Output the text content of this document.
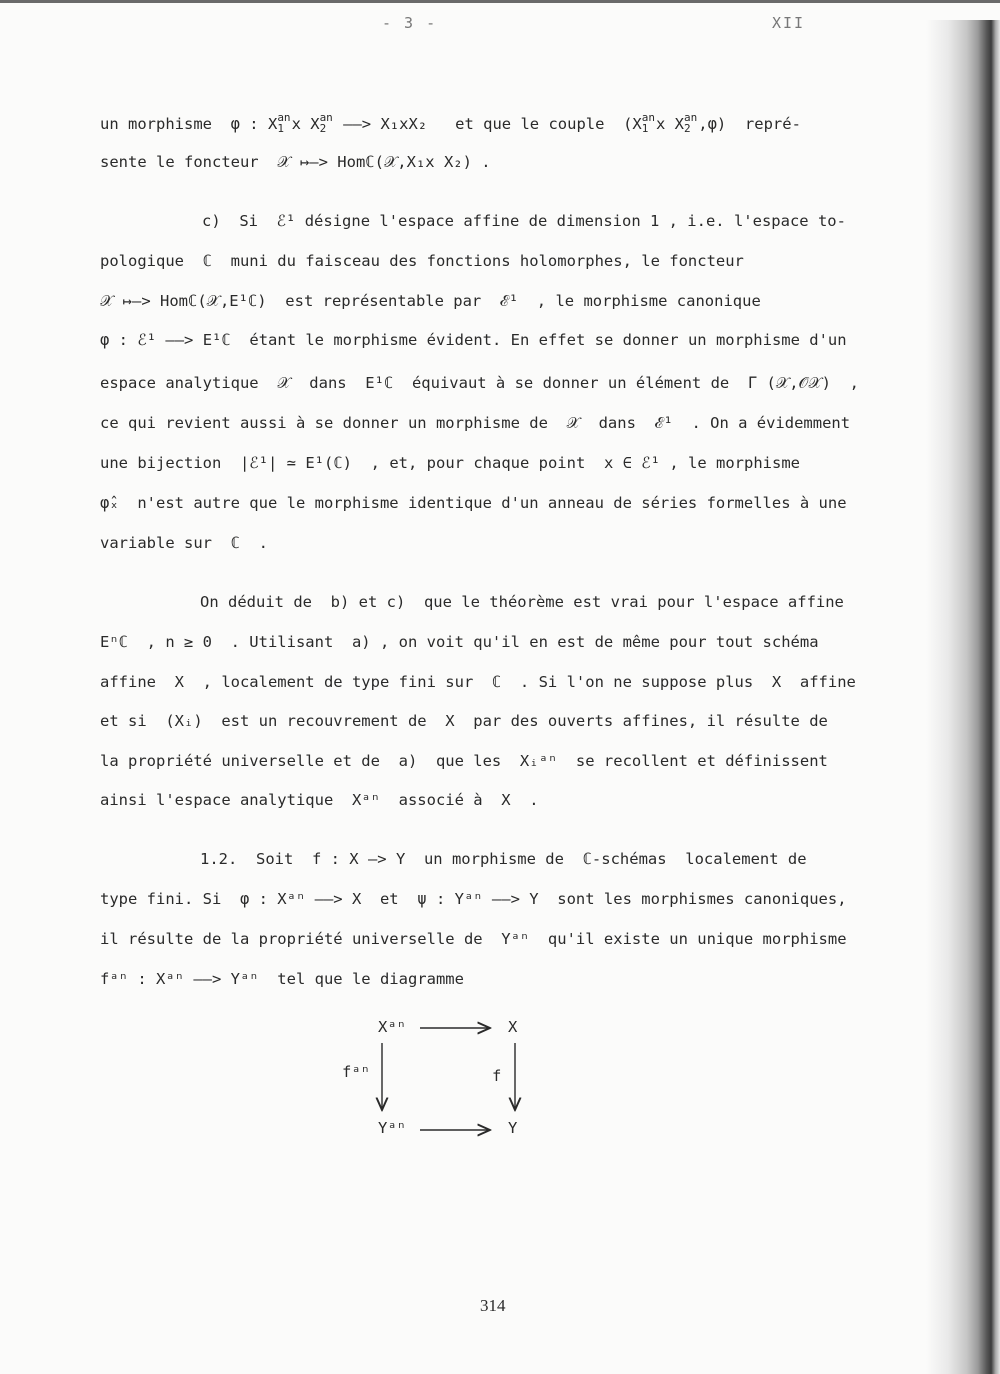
- 3 -	XII
un morphisme  φ : X an
1 x X an
2 ——> X₁xX₂   et que le couple  (X an
1 x X an
2 ,φ)  repré-
sente le foncteur  𝒳 ↦—> Homℂ(𝒳,X₁x X₂) .
c)  Si  ℰ¹ désigne l'espace affine de dimension 1 , i.e. l'espace to-
pologique  ℂ  muni du faisceau des fonctions holomorphes, le foncteur
𝒳 ↦—> Homℂ(𝒳,E¹ℂ)  est représentable par  ℰ¹  , le morphisme canonique
φ : ℰ¹ ——> E¹ℂ  étant le morphisme évident. En effet se donner un morphisme d'un
espace analytique  𝒳  dans  E¹ℂ  équivaut à se donner un élément de  Γ (𝒳,𝒪𝒳)  ,
ce qui revient aussi à se donner un morphisme de  𝒳  dans  ℰ¹  . On a évidemment
une bijection  |ℰ¹| ≃ E¹(ℂ)  , et, pour chaque point  x ∈ ℰ¹ , le morphisme
φ̂ₓ  n'est autre que le morphisme identique d'un anneau de séries formelles à une
variable sur  ℂ  .
On déduit de  b) et c)  que le théorème est vrai pour l'espace affine
Eⁿℂ  , n ≥ 0  . Utilisant  a) , on voit qu'il en est de même pour tout schéma
affine  X  , localement de type fini sur  ℂ  . Si l'on ne suppose plus  X  affine
et si  (Xᵢ)  est un recouvrement de  X  par des ouverts affines, il résulte de
la propriété universelle et de  a)  que les  Xᵢᵃⁿ  se recollent et définissent
ainsi l'espace analytique  Xᵃⁿ  associé à  X  .
1.2.  Soit  f : X —> Y  un morphisme de  ℂ-schémas  localement de
type fini. Si  φ : Xᵃⁿ ——> X  et  ψ : Yᵃⁿ ——> Y  sont les morphismes canoniques,
il résulte de la propriété universelle de  Yᵃⁿ  qu'il existe un unique morphisme
fᵃⁿ : Xᵃⁿ ——> Yᵃⁿ  tel que le diagramme
Xᵃⁿ	X
Yᵃⁿ	Y
fᵃⁿ	f
314
